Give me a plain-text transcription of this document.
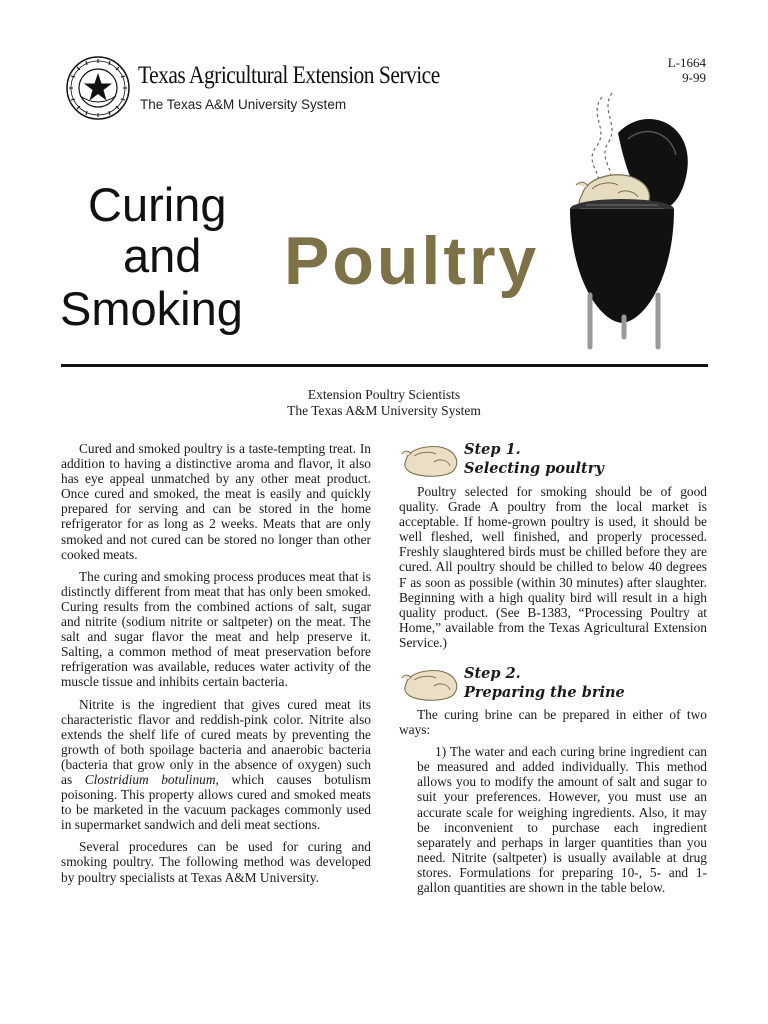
Texas Agricultural Extension Service
The Texas A&M University System
L-1664
9-99
Curing
and
Smoking
Poultry
Extension Poultry Scientists
The Texas A&M University System

Cured and smoked poultry is a taste-tempting treat. In addition to having a distinctive aroma and flavor, it also has eye appeal unmatched by any other meat product. Once cured and smoked, the meat is easily and quickly prepared for serving and can be stored in the home refrigerator for as long as 2 weeks. Meats that are only smoked and not cured can be stored no longer than other cooked meats.

The curing and smoking process produces meat that is distinctly different from meat that has only been smoked. Curing results from the combined actions of salt, sugar and nitrite (sodium nitrite or saltpeter) on the meat. The salt and sugar flavor the meat and help preserve it. Salting, a common method of meat preservation before refrigeration was available, reduces water activity of the muscle tissue and inhibits certain bacteria.

Nitrite is the ingredient that gives cured meat its characteristic flavor and reddish-pink color. Nitrite also extends the shelf life of cured meats by preventing the growth of both spoilage bacteria and anaerobic bacteria (bacteria that grow only in the absence of oxygen) such as Clostridium botulinum, which causes botulism poisoning. This property allows cured and smoked meats to be marketed in the vacuum packages commonly used in supermarket sandwich and deli meat sections.

Several procedures can be used for curing and smoking poultry. The following method was developed by poultry specialists at Texas A&M University.

Step 1.
Selecting poultry

Poultry selected for smoking should be of good quality. Grade A poultry from the local market is acceptable. If home-grown poultry is used, it should be well fleshed, well finished, and properly processed. Freshly slaughtered birds must be chilled before they are cured. All poultry should be chilled to below 40 degrees F as soon as possible (within 30 minutes) after slaughter. Beginning with a high quality bird will result in a high quality product. (See B-1383, “Processing Poultry at Home,” available from the Texas Agricultural Extension Service.)

Step 2.
Preparing the brine

The curing brine can be prepared in either of two ways:

1) The water and each curing brine ingredient can be measured and added individually. This method allows you to modify the amount of salt and sugar to suit your preferences. However, you must use an accurate scale for weighing ingredients. Also, it may be inconvenient to purchase each ingredient separately and perhaps in larger quantities than you need. Nitrite (saltpeter) is usually available at drug stores. Formulations for preparing 10-, 5- and 1-gallon quantities are shown in the table below.
